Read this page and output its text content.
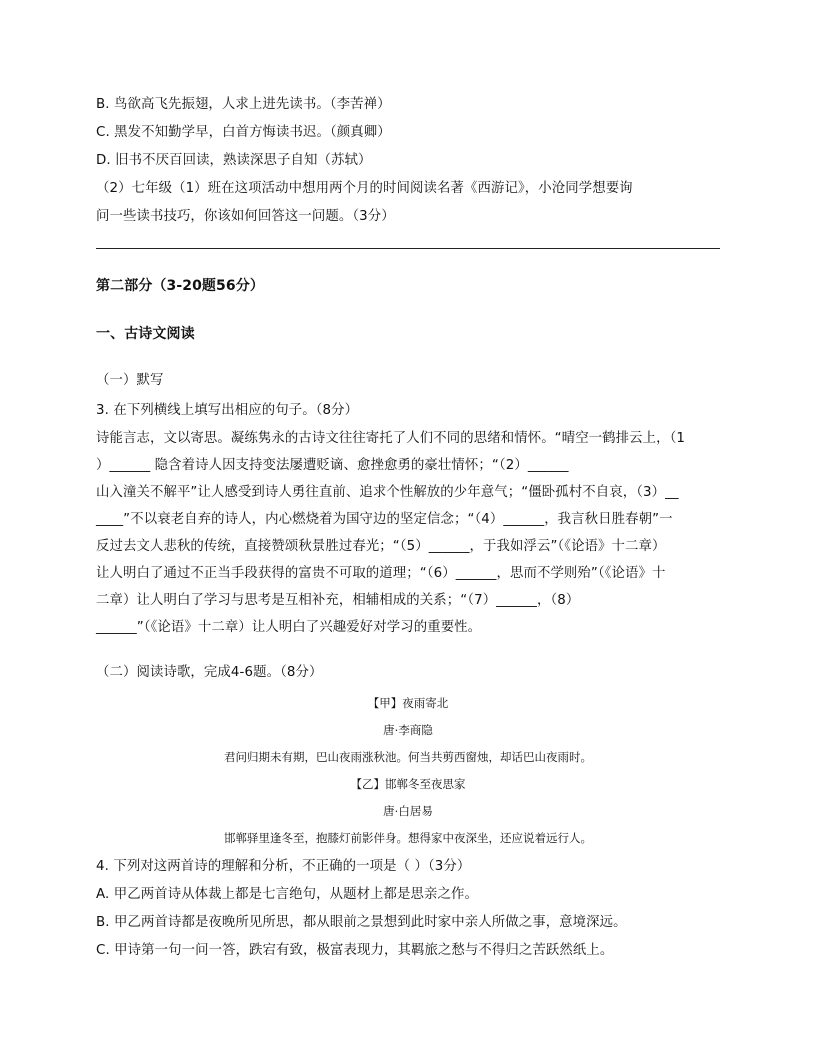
B. 鸟欲高飞先振翅，人求上进先读书。（李苦禅）
C. 黑发不知勤学早，白首方悔读书迟。（颜真卿）
D. 旧书不厌百回读，熟读深思子自知（苏轼）
（2）七年级（1）班在这项活动中想用两个月的时间阅读名著《西游记》，小沧同学想要询
问一些读书技巧，你该如何回答这一问题。（3分）
第二部分（3-20题56分）
一、古诗文阅读
（一）默写
3. 在下列横线上填写出相应的句子。（8分）
诗能言志，文以寄思。凝练隽永的古诗文往往寄托了人们不同的思绪和情怀。“晴空一鹤排云上，（1
）______ 隐含着诗人因支持变法屡遭贬谪、愈挫愈勇的豪壮情怀；“（2）______
山入潼关不解平”让人感受到诗人勇往直前、追求个性解放的少年意气；“僵卧孤村不自哀，（3）__
____”不以衰老自弃的诗人，内心燃烧着为国守边的坚定信念；“（4）______，我言秋日胜春朝”一
反过去文人悲秋的传统，直接赞颂秋景胜过春光；“（5）______，于我如浮云”（《论语》十二章）
让人明白了通过不正当手段获得的富贵不可取的道理；“（6）______，思而不学则殆”（《论语》十
二章）让人明白了学习与思考是互相补充，相辅相成的关系；“（7）______，（8）
______”（《论语》十二章）让人明白了兴趣爱好对学习的重要性。
（二）阅读诗歌，完成4-6题。（8分）
【甲】夜雨寄北
唐·李商隐
君问归期未有期，巴山夜雨涨秋池。何当共剪西窗烛，却话巴山夜雨时。
【乙】邯郸冬至夜思家
唐·白居易
邯郸驿里逢冬至，抱膝灯前影伴身。想得家中夜深坐，还应说着远行人。
4. 下列对这两首诗的理解和分析，不正确的一项是（ ）（3分）
A. 甲乙两首诗从体裁上都是七言绝句，从题材上都是思亲之作。
B. 甲乙两首诗都是夜晚所见所思，都从眼前之景想到此时家中亲人所做之事，意境深远。
C. 甲诗第一句一问一答，跌宕有致，极富表现力，其羁旅之愁与不得归之苦跃然纸上。
